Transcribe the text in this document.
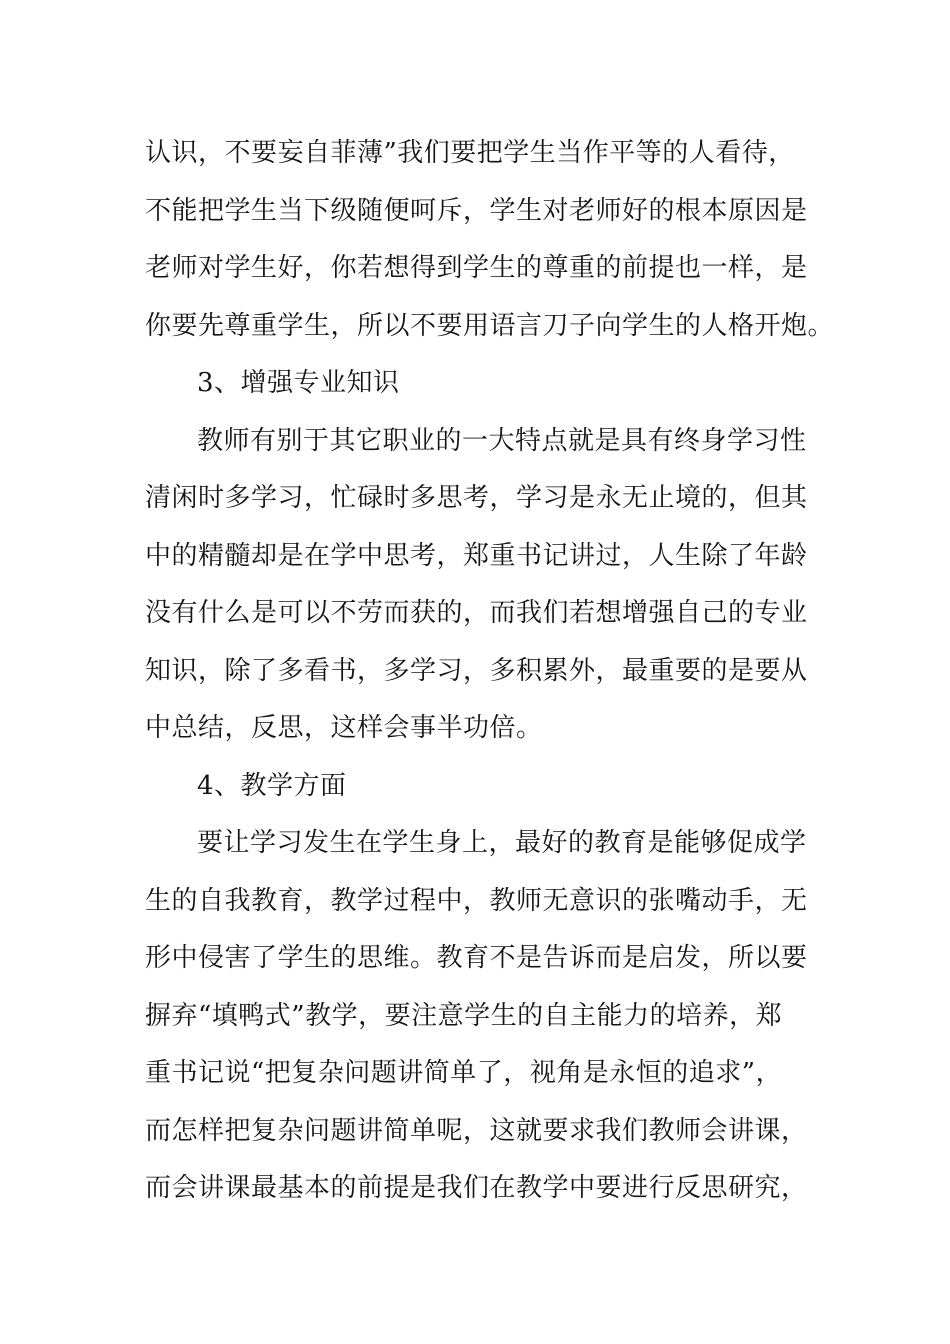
认识，不要妄自菲薄”我们要把学生当作平等的人看待，
不能把学生当下级随便呵斥，学生对老师好的根本原因是
老师对学生好，你若想得到学生的尊重的前提也一样，是
你要先尊重学生，所以不要用语言刀子向学生的人格开炮。
3、增强专业知识
教师有别于其它职业的一大特点就是具有终身学习性
清闲时多学习，忙碌时多思考，学习是永无止境的，但其
中的精髓却是在学中思考，郑重书记讲过，人生除了年龄
没有什么是可以不劳而获的，而我们若想增强自己的专业
知识，除了多看书，多学习，多积累外，最重要的是要从
中总结，反思，这样会事半功倍。
4、教学方面
要让学习发生在学生身上，最好的教育是能够促成学
生的自我教育，教学过程中，教师无意识的张嘴动手，无
形中侵害了学生的思维。教育不是告诉而是启发，所以要
摒弃“填鸭式”教学，要注意学生的自主能力的培养，郑
重书记说“把复杂问题讲简单了，视角是永恒的追求”，
而怎样把复杂问题讲简单呢，这就要求我们教师会讲课，
而会讲课最基本的前提是我们在教学中要进行反思研究，
